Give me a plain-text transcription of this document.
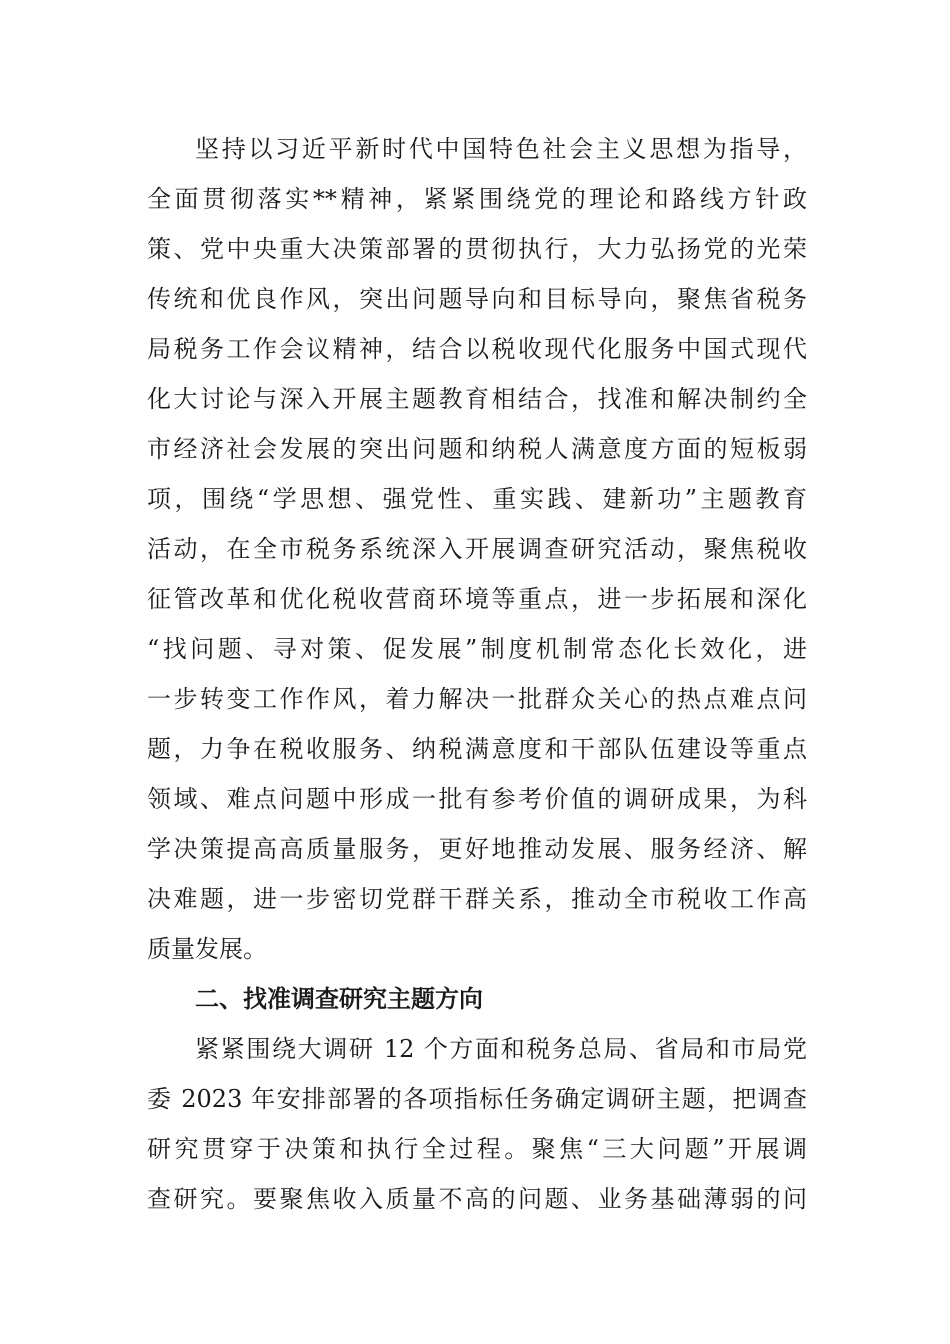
坚持以习近平新时代中国特色社会主义思想为指导，
全面贯彻落实**精神，紧紧围绕党的理论和路线方针政
策、党中央重大决策部署的贯彻执行，大力弘扬党的光荣
传统和优良作风，突出问题导向和目标导向，聚焦省税务
局税务工作会议精神，结合以税收现代化服务中国式现代
化大讨论与深入开展主题教育相结合，找准和解决制约全
市经济社会发展的突出问题和纳税人满意度方面的短板弱
项，围绕“学思想、强党性、重实践、建新功”主题教育
活动，在全市税务系统深入开展调查研究活动，聚焦税收
征管改革和优化税收营商环境等重点，进一步拓展和深化
“找问题、寻对策、促发展”制度机制常态化长效化，进
一步转变工作作风，着力解决一批群众关心的热点难点问
题，力争在税收服务、纳税满意度和干部队伍建设等重点
领域、难点问题中形成一批有参考价值的调研成果，为科
学决策提高高质量服务，更好地推动发展、服务经济、解
决难题，进一步密切党群干群关系，推动全市税收工作高
质量发展。
二、找准调查研究主题方向
紧紧围绕大调研 12 个方面和税务总局、省局和市局党
委 2023 年安排部署的各项指标任务确定调研主题，把调查
研究贯穿于决策和执行全过程。聚焦“三大问题”开展调
查研究。要聚焦收入质量不高的问题、业务基础薄弱的问
